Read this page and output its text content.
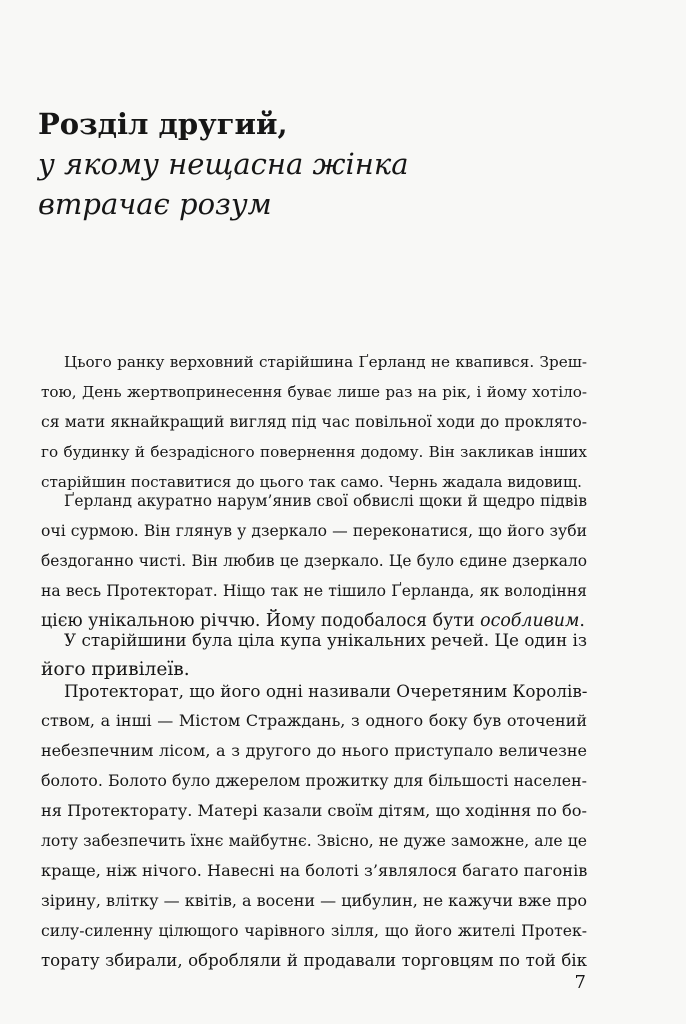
Розділ другий,
у якому нещасна жінка
втрачає розум
Цього ранку верховний старійшина Ґерланд не квапився. Зреш-
тою, День жертвопринесення буває лише раз на рік, і йому хотіло-
ся мати якнайкращий вигляд під час повільної ходи до проклято-
го будинку й безрадісного повернення додому. Він закликав інших
старійшин поставитися до цього так само. Чернь жадала видовищ.
Ґерланд акуратно нарум’янив свої обвислі щоки й щедро підвів
очі сурмою. Він глянув у дзеркало — переконатися, що його зуби
бездоганно чисті. Він любив це дзеркало. Це було єдине дзеркало
на весь Протекторат. Ніщо так не тішило Ґерланда, як володіння
цією унікальною річчю. Йому подобалося бути особливим.
У старійшини була ціла купа унікальних речей. Це один із
його привілеїв.
Протекторат, що його одні називали Очеретяним Королів-
ством, а інші — Містом Страждань, з одного боку був оточений
небезпечним лісом, а з другого до нього приступало величезне
болото. Болото було джерелом прожитку для більшості населен-
ня Протекторату. Матері казали своїм дітям, що ходіння по бо-
лоту забезпечить їхнє майбутнє. Звісно, не дуже заможне, але це
краще, ніж нічого. Навесні на болоті з’являлося багато пагонів
зірину, влітку — квітів, а восени — цибулин, не кажучи вже про
силу-силенну цілющого чарівного зілля, що його жителі Протек-
торату збирали, обробляли й продавали торговцям по той бік
7
